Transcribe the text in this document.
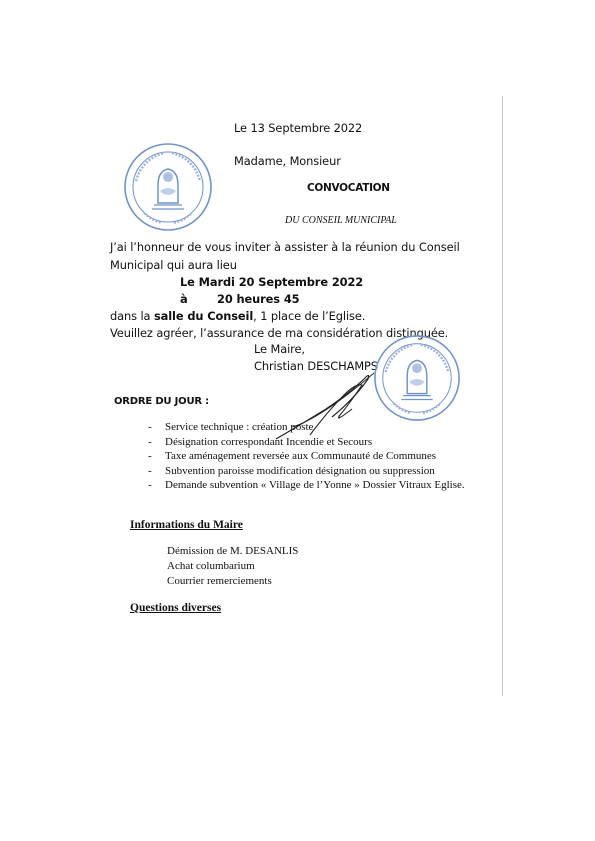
Le 13 Septembre 2022
Madame, Monsieur
CONVOCATION
DU CONSEIL MUNICIPAL
J’ai l’honneur de vous inviter à assister à la réunion du Conseil
Municipal qui aura lieu
Le Mardi 20 Septembre 2022
à	20 heures 45
dans la salle du Conseil, 1 place de l’Eglise.
Veuillez agréer, l’assurance de ma considération distinguée.
Le Maire,
Christian DESCHAMPS
ORDRE DU JOUR :
- Service technique : création poste
- Désignation correspondant Incendie et Secours
- Taxe aménagement reversée aux Communauté de Communes
- Subvention paroisse modification désignation ou suppression
- Demande subvention « Village de l’Yonne » Dossier Vitraux Eglise.
Informations du Maire
Démission de M. DESANLIS
Achat columbarium
Courrier remerciements
Questions diverses
